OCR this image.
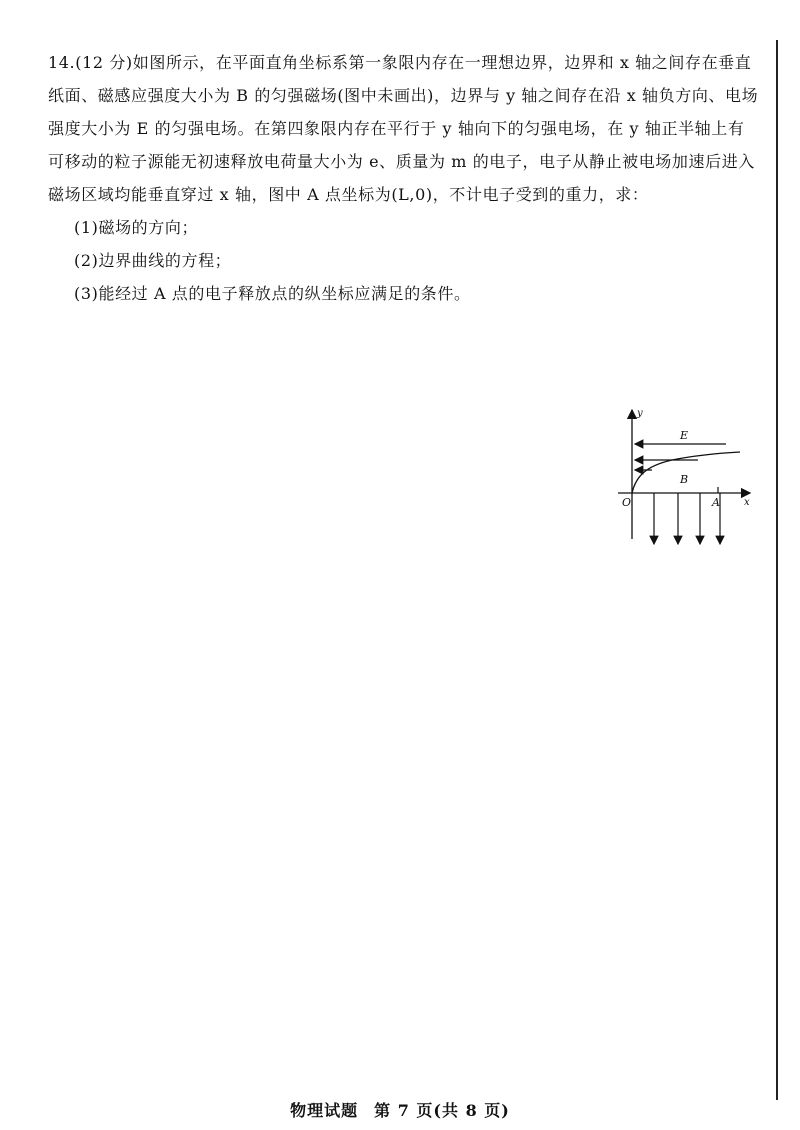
14.(12 分)如图所示，在平面直角坐标系第一象限内存在一理想边界，边界和 x 轴之间存在垂直纸面、磁感应强度大小为 B 的匀强磁场(图中未画出)，边界与 y 轴之间存在沿 x 轴负方向、电场强度大小为 E 的匀强电场。在第四象限内存在平行于 y 轴向下的匀强电场，在 y 轴正半轴上有可移动的粒子源能无初速释放电荷量大小为 e、质量为 m 的电子，电子从静止被电场加速后进入磁场区域均能垂直穿过 x 轴，图中 A 点坐标为(L,0)，不计电子受到的重力，求：

(1)磁场的方向；

(2)边界曲线的方程；

(3)能经过 A 点的电子释放点的纵坐标应满足的条件。

y
x
O	A
E
B
物理试题 第 7 页(共 8 页)
